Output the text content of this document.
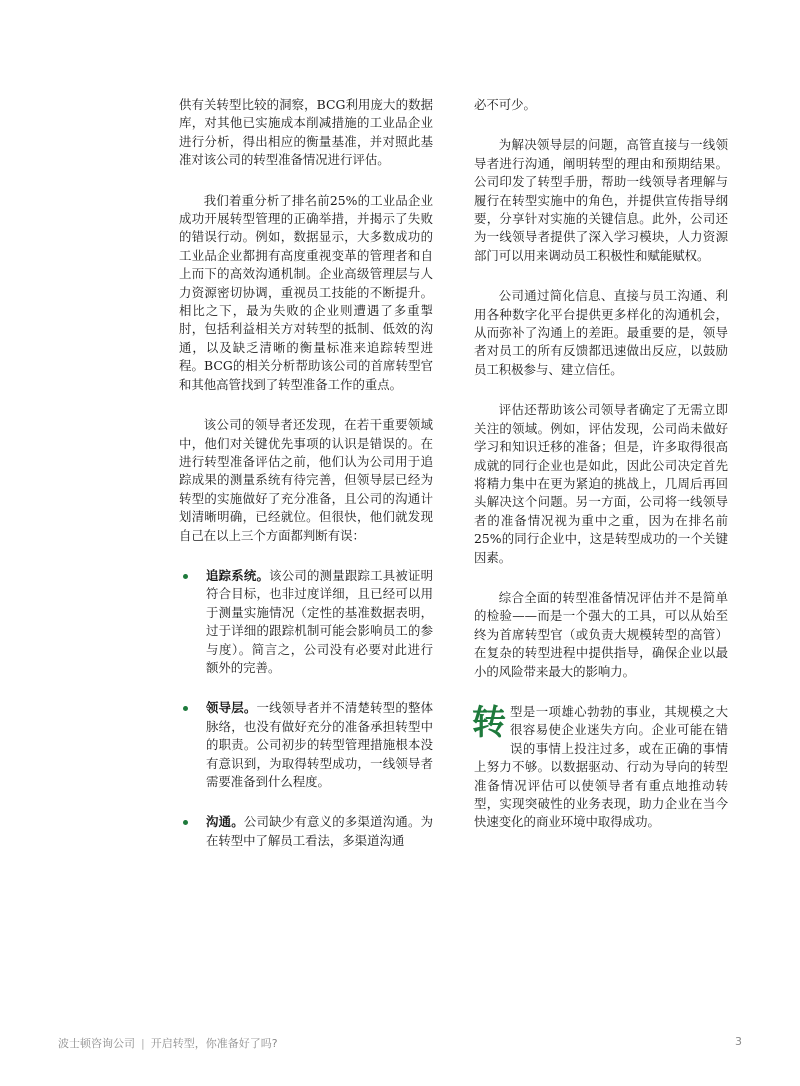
供有关转型比较的洞察，BCG利用庞大的数据库，对其他已实施成本削减措施的工业品企业进行分析，得出相应的衡量基准，并对照此基准对该公司的转型准备情况进行评估。

我们着重分析了排名前25%的工业品企业成功开展转型管理的正确举措，并揭示了失败的错误行动。例如，数据显示，大多数成功的工业品企业都拥有高度重视变革的管理者和自上而下的高效沟通机制。企业高级管理层与人力资源密切协调，重视员工技能的不断提升。相比之下，最为失败的企业则遭遇了多重掣肘，包括利益相关方对转型的抵制、低效的沟通，以及缺乏清晰的衡量标准来追踪转型进程。BCG的相关分析帮助该公司的首席转型官和其他高管找到了转型准备工作的重点。

该公司的领导者还发现，在若干重要领域中，他们对关键优先事项的认识是错误的。在进行转型准备评估之前，他们认为公司用于追踪成果的测量系统有待完善，但领导层已经为转型的实施做好了充分准备，且公司的沟通计划清晰明确，已经就位。但很快，他们就发现自己在以上三个方面都判断有误：

追踪系统。该公司的测量跟踪工具被证明符合目标，也非过度详细，且已经可以用于测量实施情况（定性的基准数据表明，过于详细的跟踪机制可能会影响员工的参与度）。简言之，公司没有必要对此进行额外的完善。
领导层。一线领导者并不清楚转型的整体脉络，也没有做好充分的准备承担转型中的职责。公司初步的转型管理措施根本没有意识到，为取得转型成功，一线领导者需要准备到什么程度。
沟通。公司缺少有意义的多渠道沟通。为在转型中了解员工看法，多渠道沟通

必不可少。

为解决领导层的问题，高管直接与一线领导者进行沟通，阐明转型的理由和预期结果。公司印发了转型手册，帮助一线领导者理解与履行在转型实施中的角色，并提供宣传指导纲要，分享针对实施的关键信息。此外，公司还为一线领导者提供了深入学习模块，人力资源部门可以用来调动员工积极性和赋能赋权。

公司通过简化信息、直接与员工沟通、利用各种数字化平台提供更多样化的沟通机会，从而弥补了沟通上的差距。最重要的是，领导者对员工的所有反馈都迅速做出反应，以鼓励员工积极参与、建立信任。

评估还帮助该公司领导者确定了无需立即关注的领域。例如，评估发现，公司尚未做好学习和知识迁移的准备；但是，许多取得很高成就的同行企业也是如此，因此公司决定首先将精力集中在更为紧迫的挑战上，几周后再回头解决这个问题。另一方面，公司将一线领导者的准备情况视为重中之重，因为在排名前25%的同行企业中，这是转型成功的一个关键因素。

综合全面的转型准备情况评估并不是简单的检验——而是一个强大的工具，可以从始至终为首席转型官（或负责大规模转型的高管）在复杂的转型进程中提供指导，确保企业以最小的风险带来最大的影响力。

转型是一项雄心勃勃的事业，其规模之大很容易使企业迷失方向。企业可能在错误的事情上投注过多，或在正确的事情上努力不够。以数据驱动、行动为导向的转型准备情况评估可以使领导者有重点地推动转型，实现突破性的业务表现，助力企业在当今快速变化的商业环境中取得成功。

波士顿咨询公司 | 开启转型，你准备好了吗?	3
